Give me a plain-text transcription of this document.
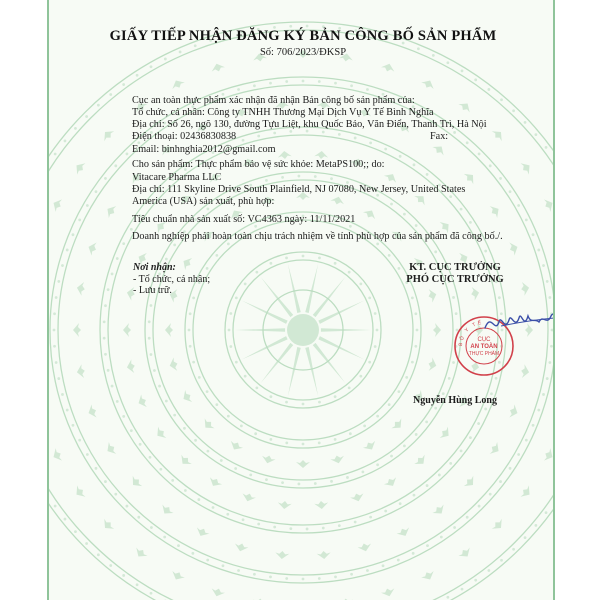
GIẤY TIẾP NHẬN ĐĂNG KÝ BẢN CÔNG BỐ SẢN PHẨM
Số: 706/2023/ĐKSP
Cục an toàn thực phẩm xác nhận đã nhận Bản công bố sản phẩm của:
Tổ chức, cá nhân: Công ty TNHH Thương Mại Dịch Vụ Y Tế Bình Nghĩa
Địa chỉ: Số 26, ngõ 130, đường Tựu Liệt, khu Quốc Bảo, Văn Điển, Thanh Trì, Hà Nội
Điện thoại: 02436830838	Fax:
Email: binhnghia2012@gmail.com
Cho sản phẩm: Thực phẩm bảo vệ sức khỏe: MetaPS100;; do:
Vitacare Pharma LLC
Địa chỉ: 111 Skyline Drive South Plainfield, NJ 07080, New Jersey, United States
America (USA) sản xuất, phù hợp:
Tiêu chuẩn nhà sản xuất số: VC4363 ngày: 11/11/2021
Doanh nghiệp phải hoàn toàn chịu trách nhiệm về tính phù hợp của sản phẩm đã công bố./.
Nơi nhận:
- Tổ chức, cá nhân;
- Lưu trữ.
KT. CỤC TRƯỞNG
PHÓ CỤC TRƯỞNG
BỘ Y TẾ
CỤC
AN TOÀN
THỰC PHẨM
Nguyễn Hùng Long
